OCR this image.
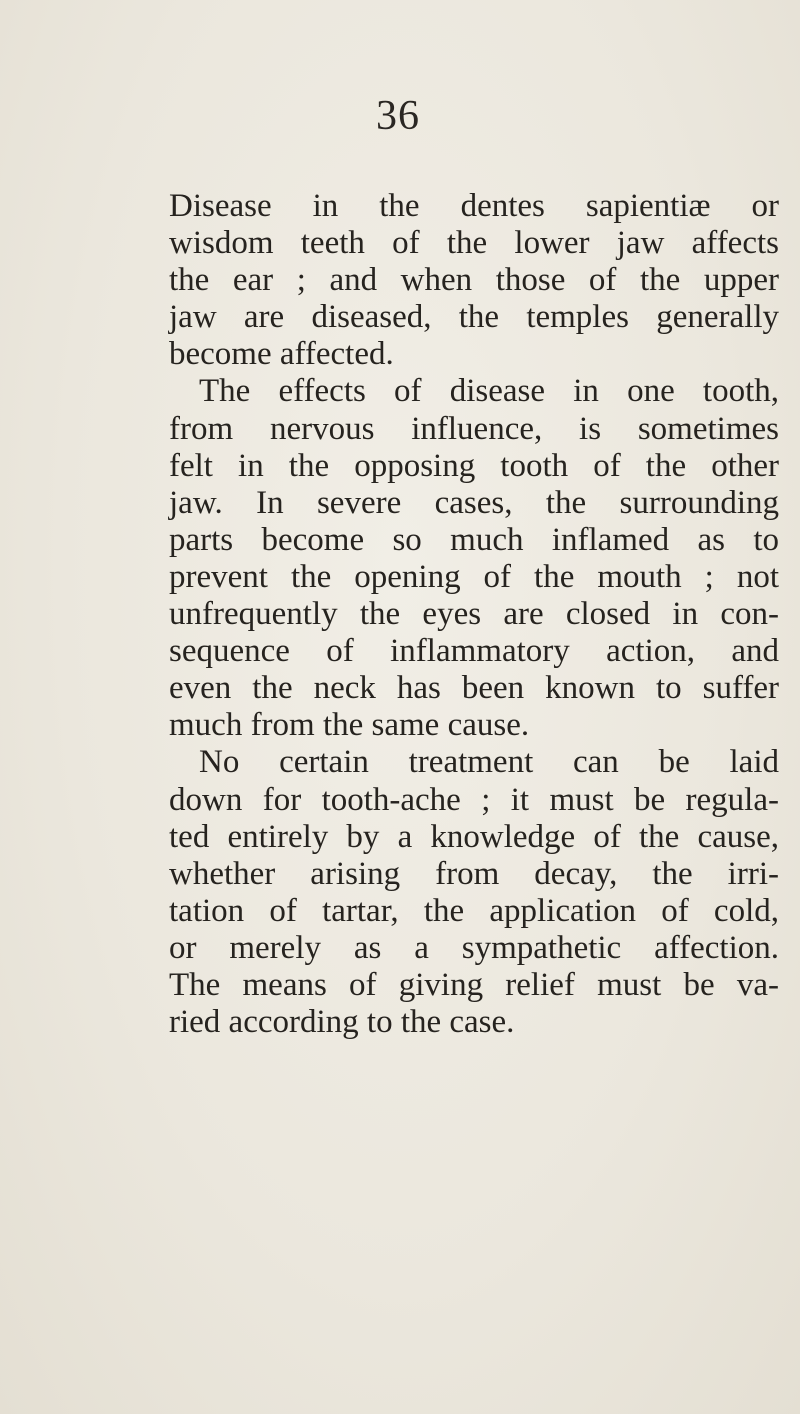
36
Disease in the dentes sapientiæ or
wisdom teeth of the lower jaw affects
the ear ; and when those of the upper
jaw are diseased, the temples generally
become affected.
The effects of disease in one tooth,
from nervous influence, is sometimes
felt in the opposing tooth of the other
jaw. In severe cases, the surrounding
parts become so much inflamed as to
prevent the opening of the mouth ; not
unfrequently the eyes are closed in con-
sequence of inflammatory action, and
even the neck has been known to suffer
much from the same cause.
No certain treatment can be laid
down for tooth-ache ; it must be regula-
ted entirely by a knowledge of the cause,
whether arising from decay, the irri-
tation of tartar, the application of cold,
or merely as a sympathetic affection.
The means of giving relief must be va-
ried according to the case.
